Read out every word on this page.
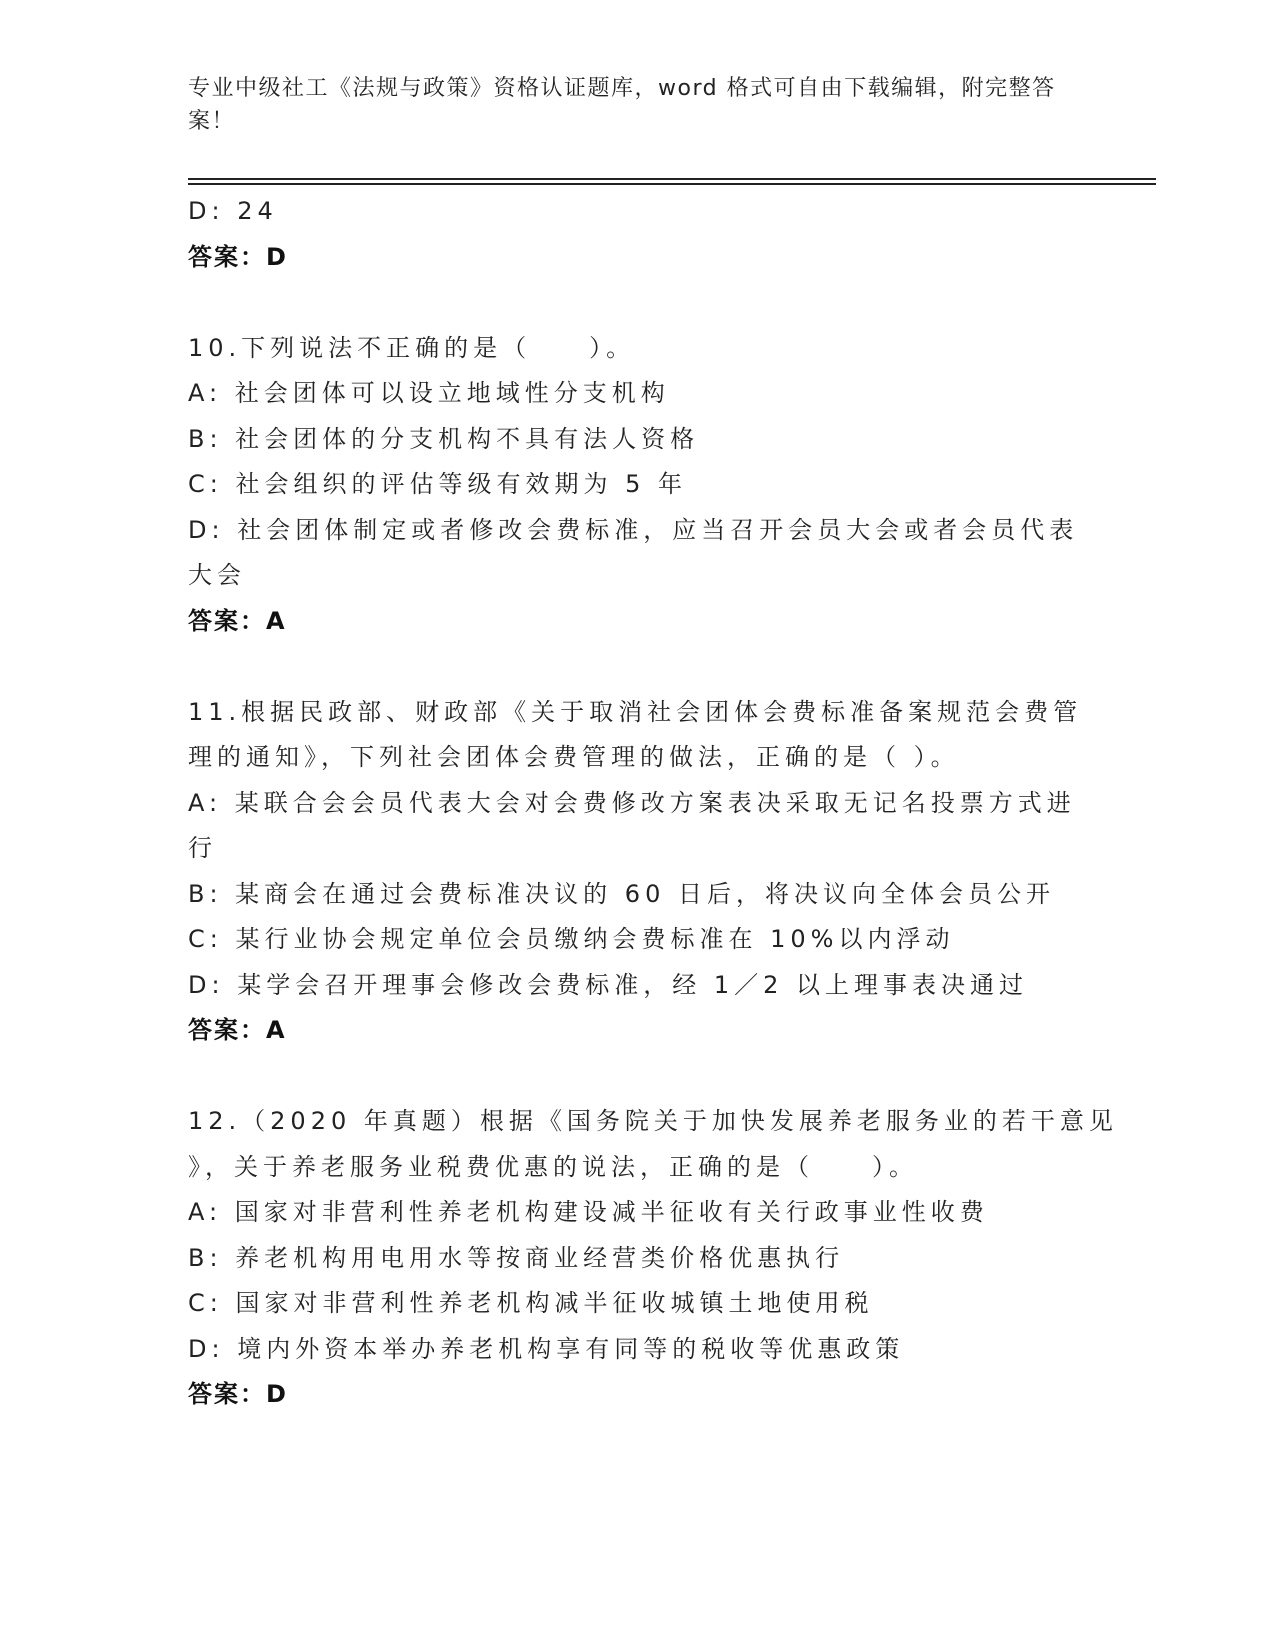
专业中级社工《法规与政策》资格认证题库，word 格式可自由下载编辑，附完整答案！
D: 24
答案：D
10.下列说法不正确的是（　　）。
A: 社会团体可以设立地域性分支机构
B: 社会团体的分支机构不具有法人资格
C: 社会组织的评估等级有效期为 5 年
D: 社会团体制定或者修改会费标准，应当召开会员大会或者会员代表
大会
答案：A
11.根据民政部、财政部《关于取消社会团体会费标准备案规范会费管
理的通知》，下列社会团体会费管理的做法，正确的是（ ）。
A: 某联合会会员代表大会对会费修改方案表决采取无记名投票方式进
行
B: 某商会在通过会费标准决议的 60 日后，将决议向全体会员公开
C: 某行业协会规定单位会员缴纳会费标准在 10%以内浮动
D: 某学会召开理事会修改会费标准，经 1／2 以上理事表决通过
答案：A
12.（2020 年真题）根据《国务院关于加快发展养老服务业的若干意见
》，关于养老服务业税费优惠的说法，正确的是（　　）。
A: 国家对非营利性养老机构建设减半征收有关行政事业性收费
B: 养老机构用电用水等按商业经营类价格优惠执行
C: 国家对非营利性养老机构减半征收城镇土地使用税
D: 境内外资本举办养老机构享有同等的税收等优惠政策
答案：D
